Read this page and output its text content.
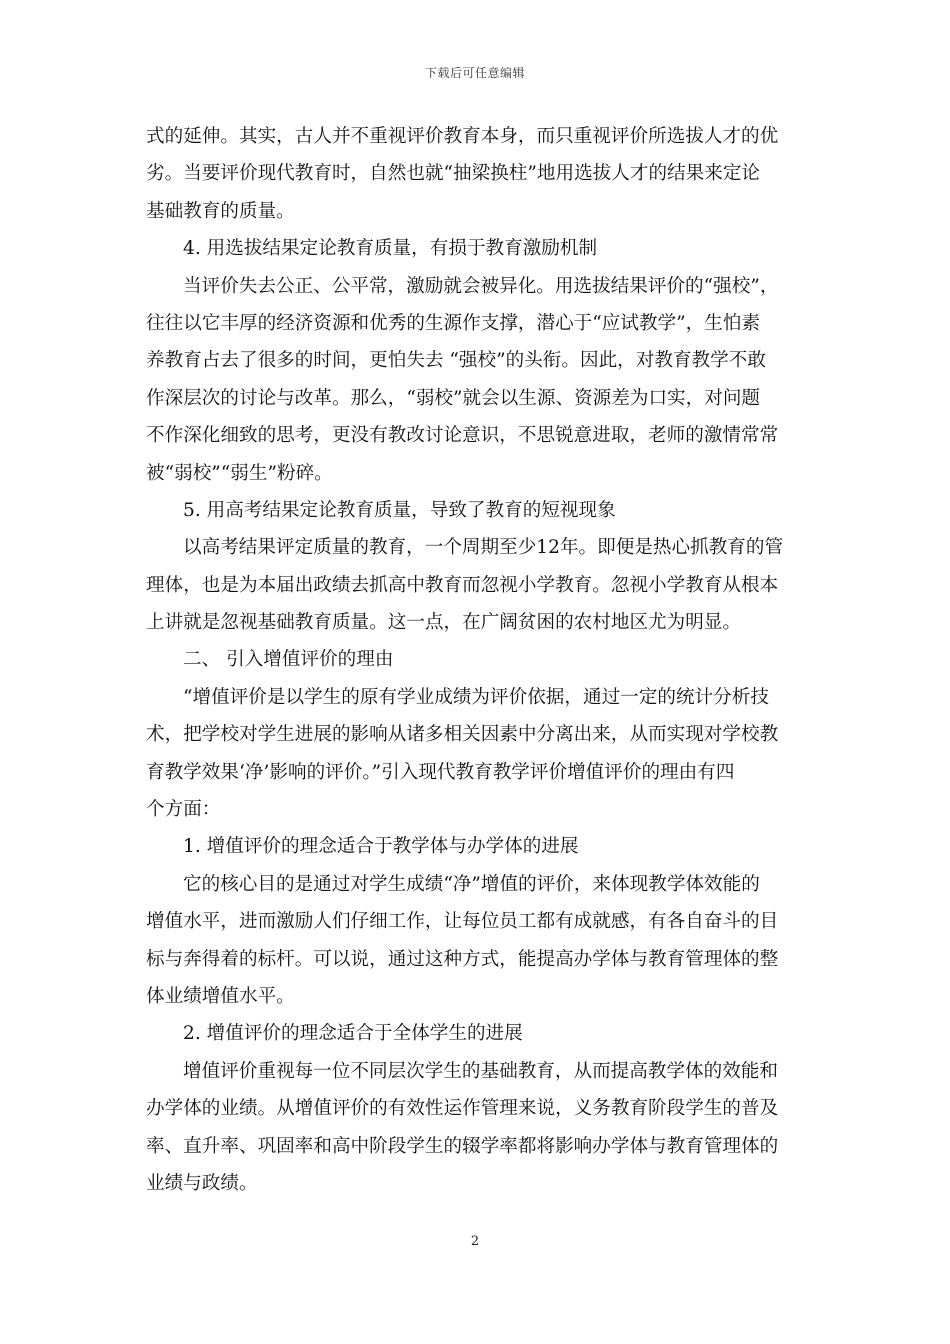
下载后可任意编辑
式的延伸。其实，古人并不重视评价教育本身，而只重视评价所选拔人才的优
劣。当要评价现代教育时，自然也就“抽梁换柱”地用选拔人才的结果来定论
基础教育的质量。
4. 用选拔结果定论教育质量，有损于教育激励机制
当评价失去公正、公平常，激励就会被异化。用选拔结果评价的“强校”，
往往以它丰厚的经济资源和优秀的生源作支撑，潜心于“应试教学”，生怕素
养教育占去了很多的时间，更怕失去 “强校”的头衔。因此，对教育教学不敢
作深层次的讨论与改革。那么，“弱校”就会以生源、资源差为口实，对问题
不作深化细致的思考，更没有教改讨论意识，不思锐意进取，老师的激情常常
被“弱校”“弱生”粉碎。
5. 用高考结果定论教育质量，导致了教育的短视现象
以高考结果评定质量的教育，一个周期至少12年。即便是热心抓教育的管
理体，也是为本届出政绩去抓高中教育而忽视小学教育。忽视小学教育从根本
上讲就是忽视基础教育质量。这一点，在广阔贫困的农村地区尤为明显。
二、 引入增值评价的理由
“增值评价是以学生的原有学业成绩为评价依据，通过一定的统计分析技
术，把学校对学生进展的影响从诸多相关因素中分离出来，从而实现对学校教
育教学效果‘净’影响的评价。”引入现代教育教学评价增值评价的理由有四
个方面：
1. 增值评价的理念适合于教学体与办学体的进展
它的核心目的是通过对学生成绩“净”增值的评价，来体现教学体效能的
增值水平，进而激励人们仔细工作，让每位员工都有成就感，有各自奋斗的目
标与奔得着的标杆。可以说，通过这种方式，能提高办学体与教育管理体的整
体业绩增值水平。
2. 增值评价的理念适合于全体学生的进展
增值评价重视每一位不同层次学生的基础教育，从而提高教学体的效能和
办学体的业绩。从增值评价的有效性运作管理来说，义务教育阶段学生的普及
率、直升率、巩固率和高中阶段学生的辍学率都将影响办学体与教育管理体的
业绩与政绩。
2
